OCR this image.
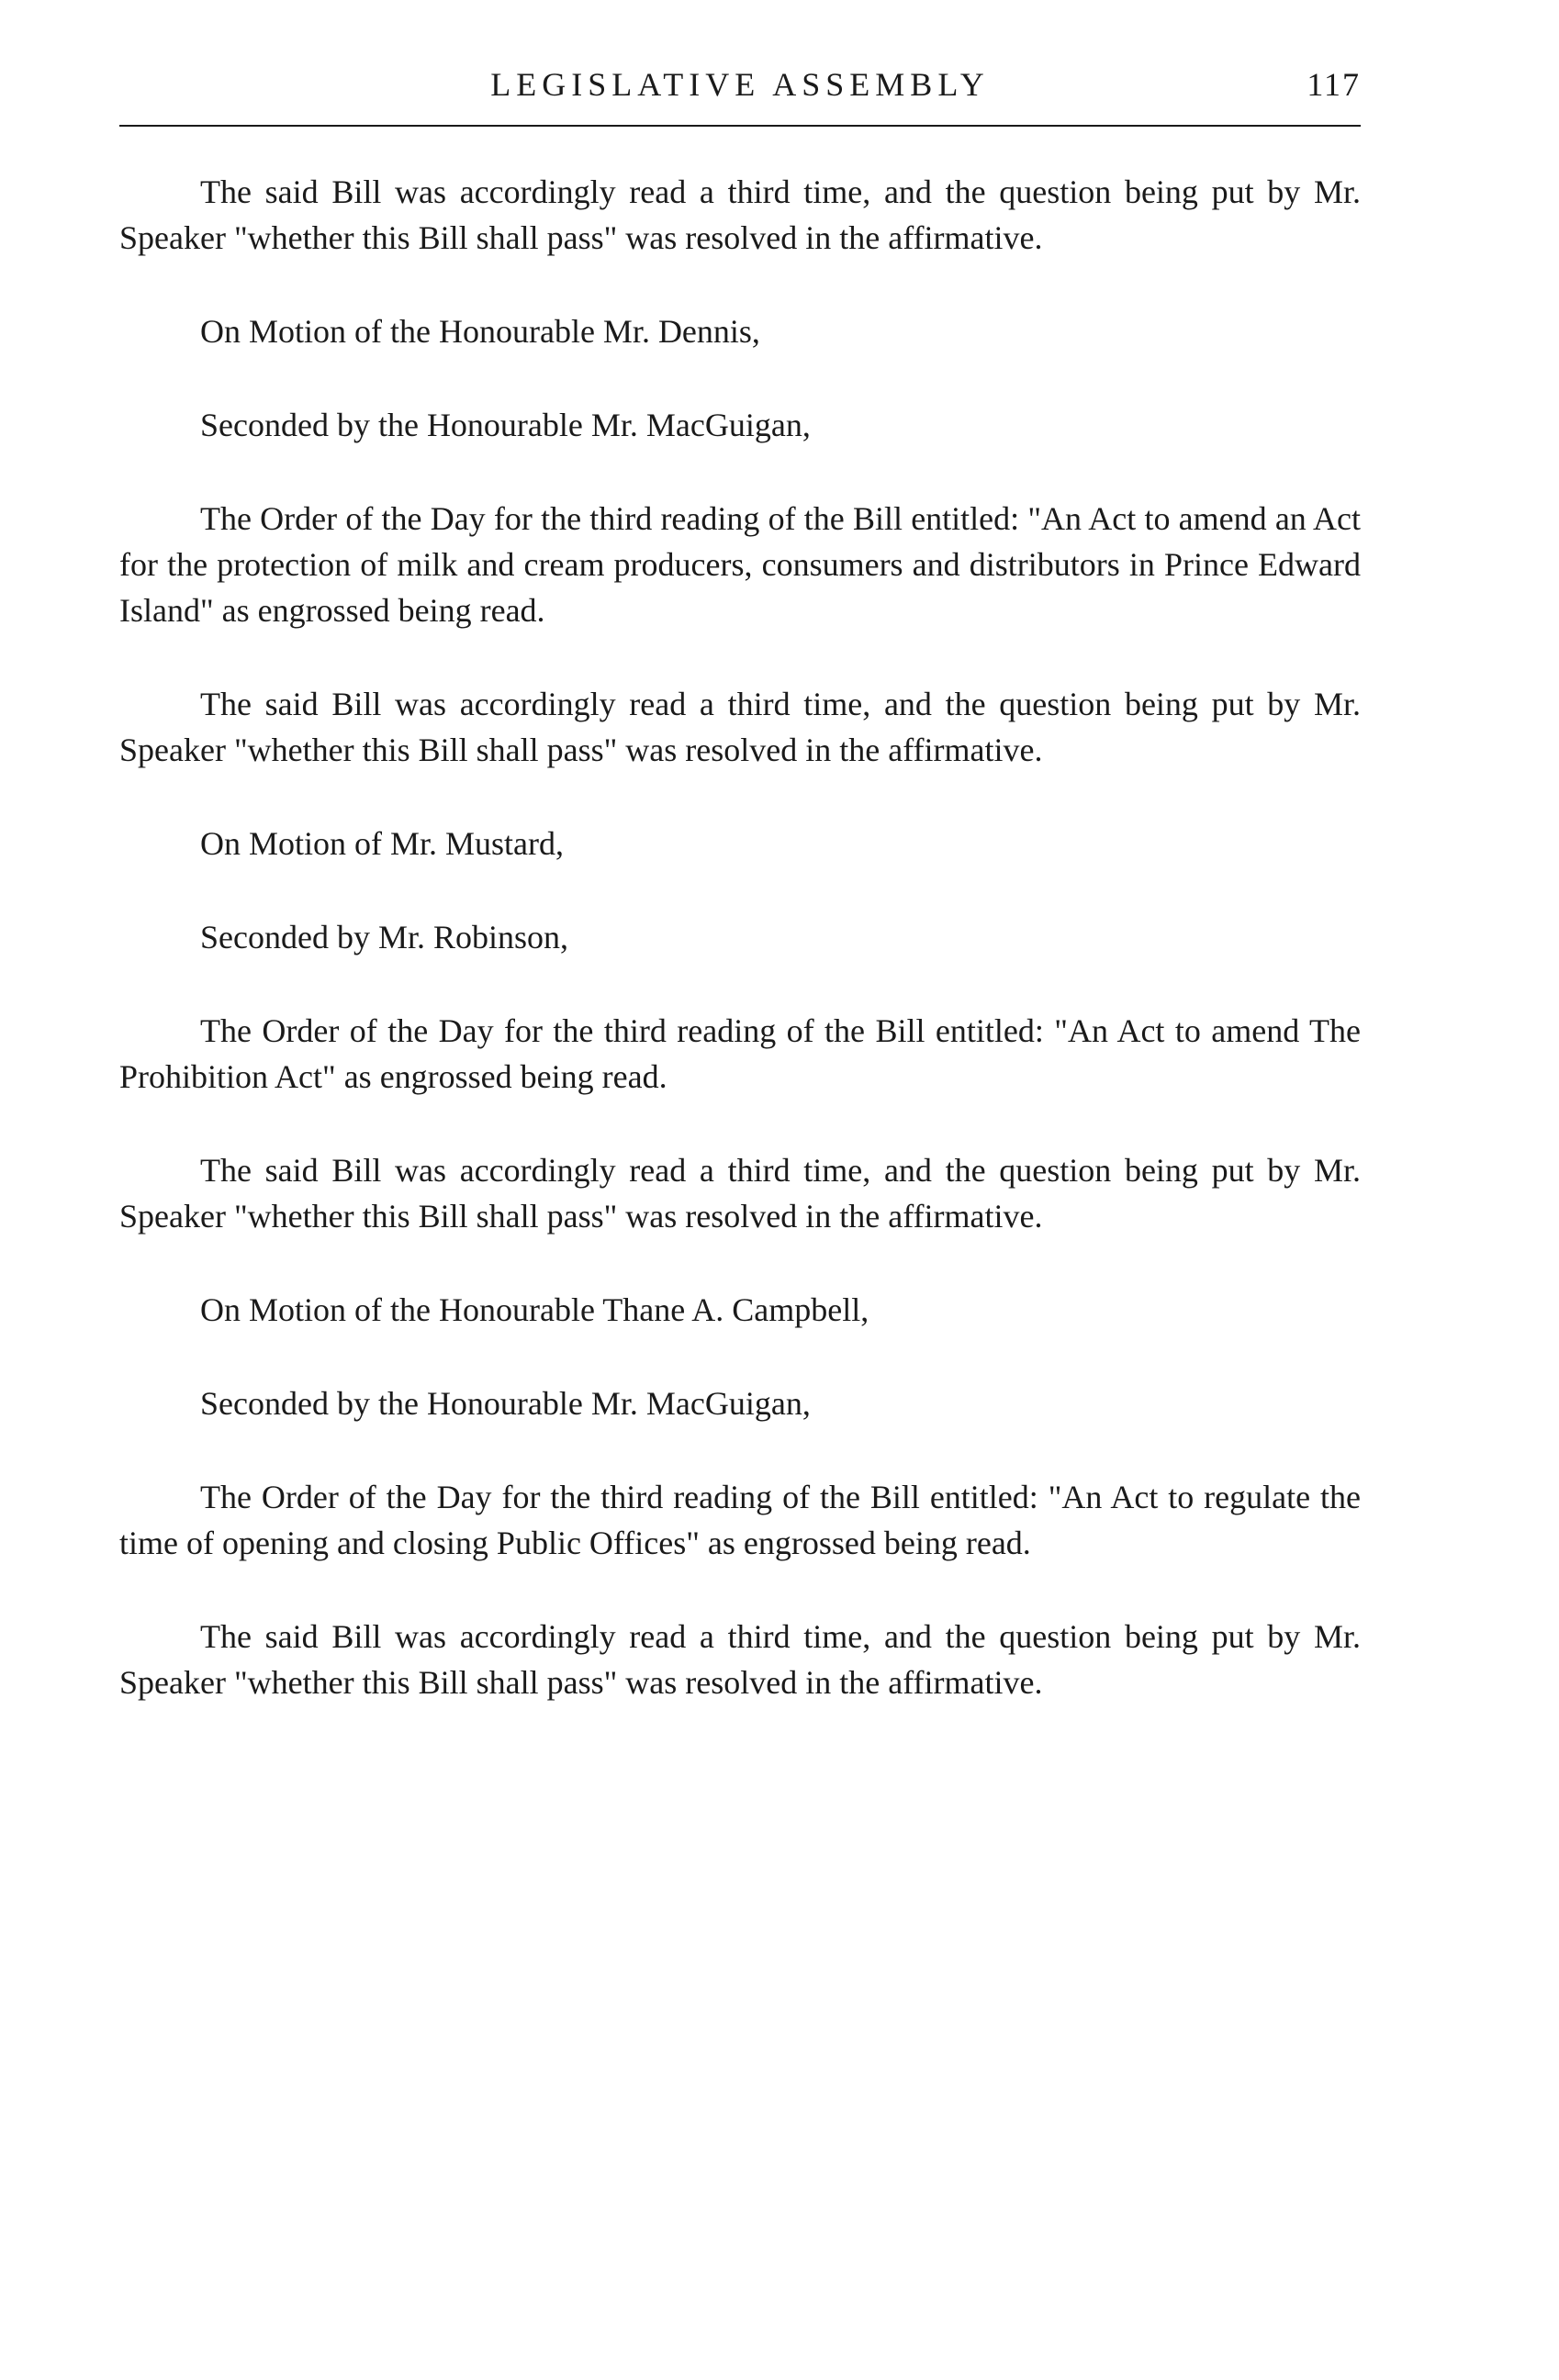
LEGISLATIVE ASSEMBLY	117

The said Bill was accordingly read a third time, and the question being put by Mr. Speaker "whether this Bill shall pass" was resolved in the affirmative.

On Motion of the Honourable Mr. Dennis,

Seconded by the Honourable Mr. MacGuigan,

The Order of the Day for the third reading of the Bill entitled: "An Act to amend an Act for the protection of milk and cream producers, consumers and distributors in Prince Edward Island" as engrossed being read.

The said Bill was accordingly read a third time, and the question being put by Mr. Speaker "whether this Bill shall pass" was resolved in the affirmative.

On Motion of Mr. Mustard,

Seconded by Mr. Robinson,

The Order of the Day for the third reading of the Bill entitled: "An Act to amend The Prohibition Act" as engrossed being read.

The said Bill was accordingly read a third time, and the question being put by Mr. Speaker "whether this Bill shall pass" was resolved in the affirmative.

On Motion of the Honourable Thane A. Campbell,

Seconded by the Honourable Mr. MacGuigan,

The Order of the Day for the third reading of the Bill entitled: "An Act to regulate the time of opening and closing Public Offices" as engrossed being read.

The said Bill was accordingly read a third time, and the question being put by Mr. Speaker "whether this Bill shall pass" was resolved in the affirmative.
